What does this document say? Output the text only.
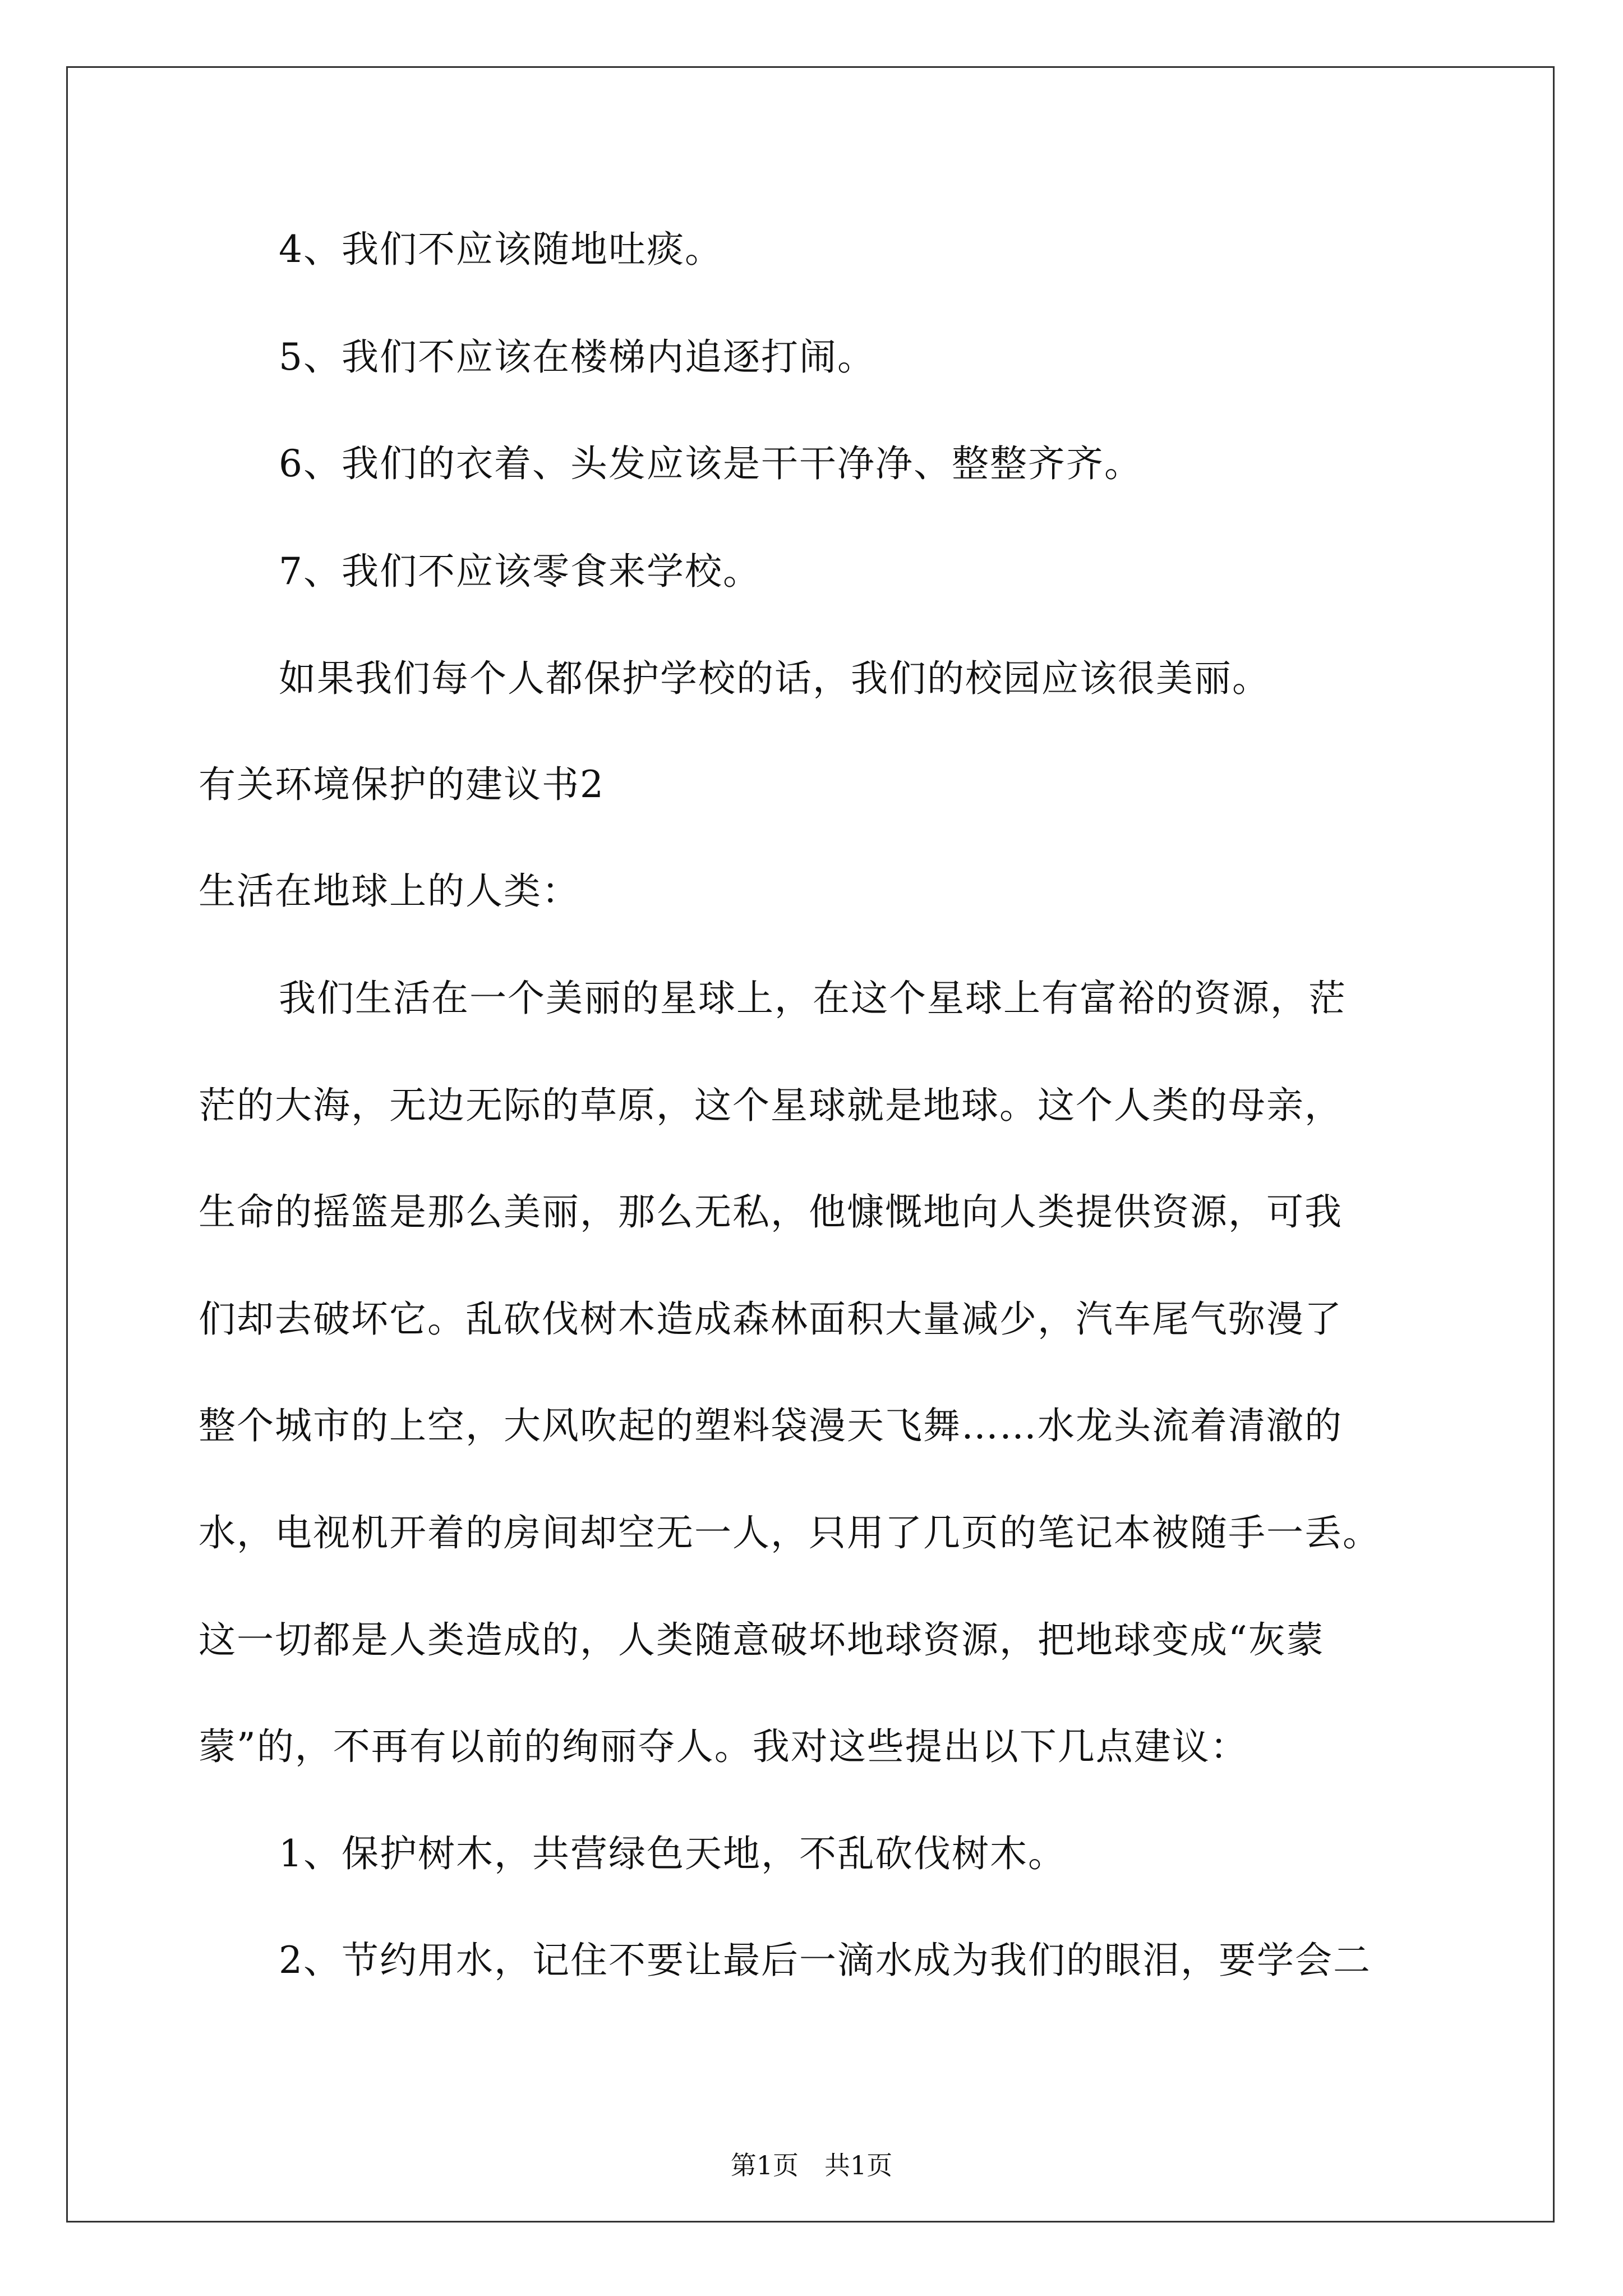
4、我们不应该随地吐痰。
5、我们不应该在楼梯内追逐打闹。
6、我们的衣着、头发应该是干干净净、整整齐齐。
7、我们不应该零食来学校。
如果我们每个人都保护学校的话，我们的校园应该很美丽。
有关环境保护的建议书2
生活在地球上的人类：
我们生活在一个美丽的星球上，在这个星球上有富裕的资源，茫
茫的大海，无边无际的草原，这个星球就是地球。这个人类的母亲，
生命的摇篮是那么美丽，那么无私，他慷慨地向人类提供资源，可我
们却去破坏它。乱砍伐树木造成森林面积大量减少，汽车尾气弥漫了
整个城市的上空，大风吹起的塑料袋漫天飞舞……水龙头流着清澈的
水，电视机开着的房间却空无一人，只用了几页的笔记本被随手一丢。
这一切都是人类造成的，人类随意破坏地球资源，把地球变成“灰蒙
蒙”的，不再有以前的绚丽夺人。我对这些提出以下几点建议：
1、保护树木，共营绿色天地，不乱砍伐树木。
2、节约用水，记住不要让最后一滴水成为我们的眼泪，要学会二
第1页　共1页
